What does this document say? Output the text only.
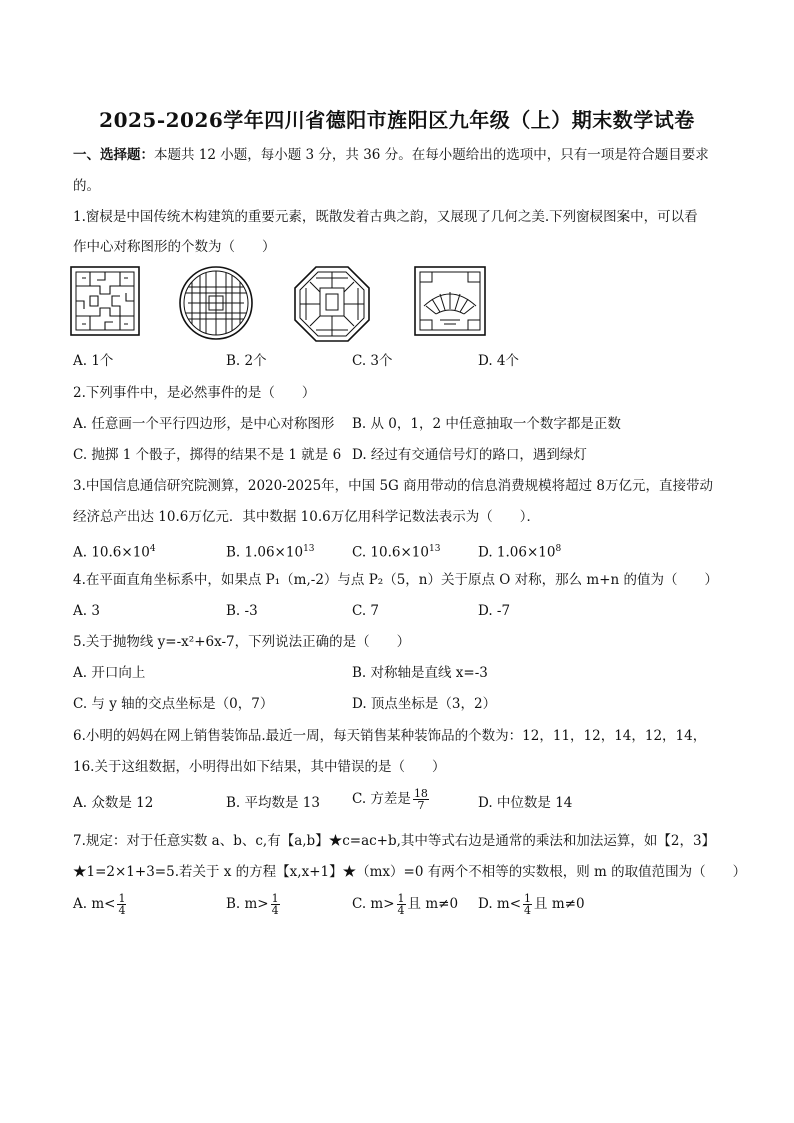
2025-2026学年四川省德阳市旌阳区九年级（上）期末数学试卷
一、选择题：本题共 12 小题，每小题 3 分，共 36 分。在每小题给出的选项中，只有一项是符合题目要求
的。
1.窗棂是中国传统木构建筑的重要元素，既散发着古典之韵，又展现了几何之美.下列窗棂图案中，可以看
作中心对称图形的个数为（　　）
A. 1个	B. 2个	C. 3个	D. 4个
2.下列事件中，是必然事件的是（　　）
A. 任意画一个平行四边形，是中心对称图形 B. 从 0，1，2 中任意抽取一个数字都是正数
C. 抛掷 1 个骰子，掷得的结果不是 1 就是 6 D. 经过有交通信号灯的路口，遇到绿灯
3.中国信息通信研究院测算，2020-2025年，中国 5G 商用带动的信息消费规模将超过 8万亿元，直接带动
经济总产出达 10.6万亿元．其中数据 10.6万亿用科学记数法表示为（　　）．
A. $10.6\times 10^4$	B. $1.06\times 10^{13}$	C. $10.6\times 10^{13}$	D. $1.06\times 10^8$
4.在平面直角坐标系中，如果点 P₁（m,-2）与点 P₂（5，n）关于原点 O 对称，那么 m+n 的值为（　　）
A. 3	B. -3	C. 7	D. -7
5.关于抛物线 y=-x²+6x-7，下列说法正确的是（　　）
A. 开口向上	B. 对称轴是直线 x=-3
C. 与 y 轴的交点坐标是（0，7）	D. 顶点坐标是（3，2）
6.小明的妈妈在网上销售装饰品.最近一周，每天销售某种装饰品的个数为：12，11，12，14，12，14，
16.关于这组数据，小明得出如下结果，其中错误的是（　　）
A. 众数是 12	B. 平均数是 13 C. 方差是 $\frac{18}{7}$	D. 中位数是 14
7.规定：对于任意实数 a、b、c,有【a,b】★c=ac+b,其中等式右边是通常的乘法和加法运算，如【2，3】
★1=2×1+3=5.若关于 x 的方程【x,x+1】★（mx）=0 有两个不相等的实数根，则 m 的取值范围为（　　）
A. $m< \frac{1}{4}$	B. $m> \frac{1}{4}$	C. $m> \frac{1}{4}$ 且 m≠0 D. $m< \frac{1}{4}$ 且 m≠0
